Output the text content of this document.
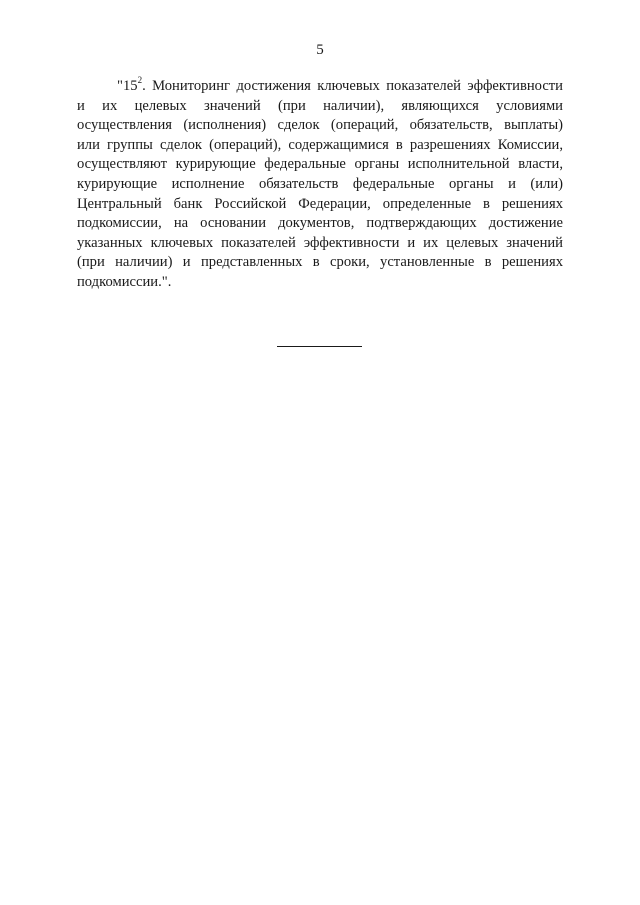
5
"$15^2$. Мониторинг достижения ключевых показателей эффективности
и их целевых значений (при наличии), являющихся условиями
осуществления (исполнения) сделок (операций, обязательств, выплаты)
или группы сделок (операций), содержащимися в разрешениях Комиссии,
осуществляют курирующие федеральные органы исполнительной власти,
курирующие исполнение обязательств федеральные органы и (или)
Центральный банк Российской Федерации, определенные в решениях
подкомиссии, на основании документов, подтверждающих достижение
указанных ключевых показателей эффективности и их целевых значений
(при наличии) и представленных в сроки, установленные в решениях
подкомиссии.".
